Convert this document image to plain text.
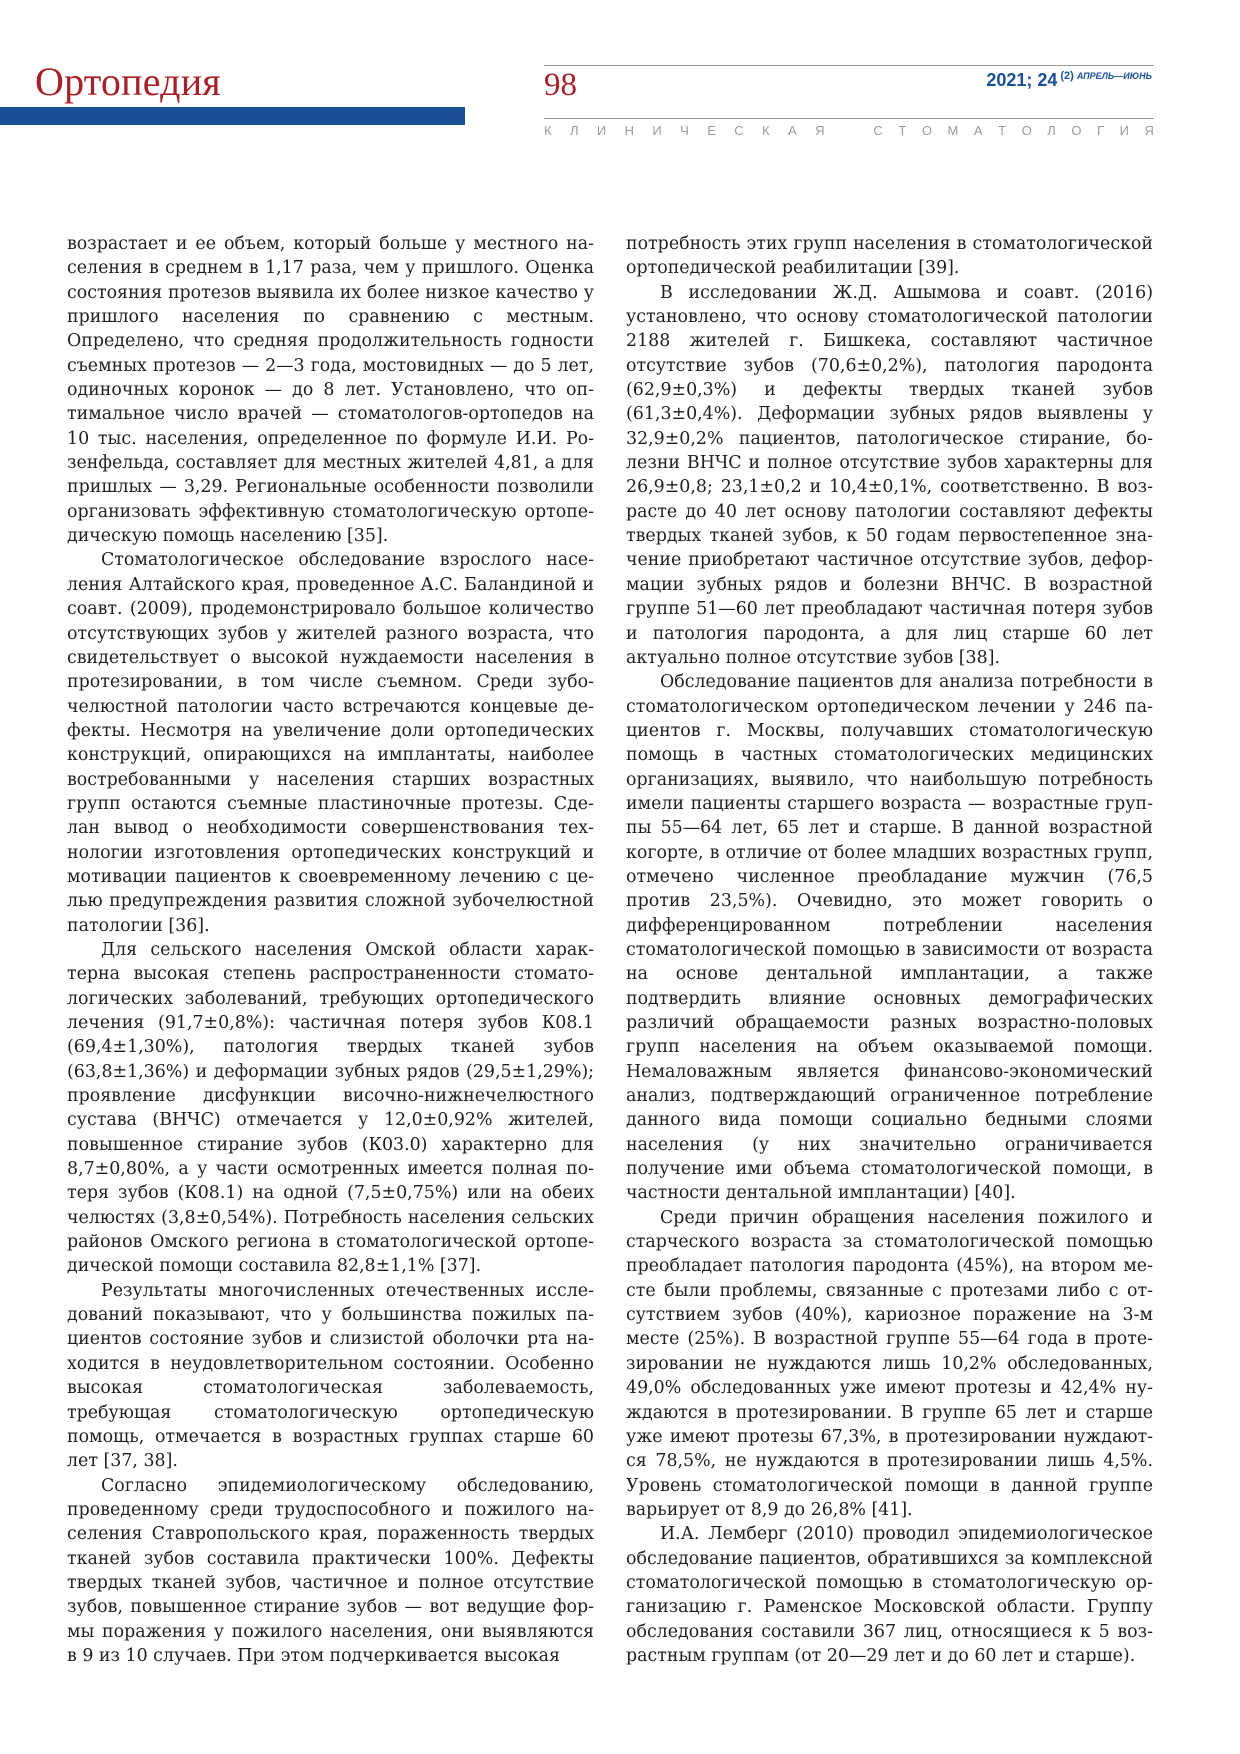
Ортопедия	98	2021; 24 $^{(2)}$ $^{АПРЕЛЬ—ИЮНЬ}$
К Л И Н И Ч Е С К А Я	С Т О М А Т О Л О Г И Я

возрастает и ее объем, который больше у местного населения в среднем в 1,17 раза, чем у пришлого. Оценка состояния протезов выявила их более низкое качество у пришлого населения по сравнению с местным. Определено, что средняя продолжительность годности съемных протезов — 2—3 года, мостовидных — до 5 лет, одиночных коронок — до 8 лет. Установлено, что оптимальное число врачей — стоматологов-ортопедов на 10 тыс. населения, определенное по формуле И.И. Розенфельда, составляет для местных жителей 4,81, а для пришлых — 3,29. Региональные особенности позволили организовать эффективную стоматологическую ортопедическую помощь населению [35].

Стоматологическое обследование взрослого населения Алтайского края, проведенное А.С. Баландиной и соавт. (2009), продемонстрировало большое количество отсутствующих зубов у жителей разного возраста, что свидетельствует о высокой нуждаемости населения в протезировании, в том числе съемном. Среди зубочелюстной патологии часто встречаются концевые дефекты. Несмотря на увеличение доли ортопедических конструкций, опирающихся на имплантаты, наиболее востребованными у населения старших возрастных групп остаются съемные пластиночные протезы. Сделан вывод о необходимости совершенствования технологии изготовления ортопедических конструкций и мотивации пациентов к своевременному лечению с целью предупреждения развития сложной зубочелюстной патологии [36].

Для сельского населения Омской области характерна высокая степень распространенности стоматологических заболеваний, требующих ортопедического лечения (91,7±0,8%): частичная потеря зубов К08.1 (69,4±1,30%), патология твердых тканей зубов (63,8±1,36%) и деформации зубных рядов (29,5±1,29%); проявление дисфункции височно-нижнечелюстного сустава (ВНЧС) отмечается у 12,0±0,92% жителей, повышенное стирание зубов (К03.0) характерно для 8,7±0,80%, а у части осмотренных имеется полная потеря зубов (К08.1) на одной (7,5±0,75%) или на обеих челюстях (3,8±0,54%). Потребность населения сельских районов Омского региона в стоматологической ортопедической помощи составила 82,8±1,1% [37].

Результаты многочисленных отечественных исследований показывают, что у большинства пожилых пациентов состояние зубов и слизистой оболочки рта находится в неудовлетворительном состоянии. Особенно высокая стоматологическая заболеваемость, требующая стоматологическую ортопедическую помощь, отмечается в возрастных группах старше 60 лет [37, 38].

Согласно эпидемиологическому обследованию, проведенному среди трудоспособного и пожилого населения Ставропольского края, пораженность твердых тканей зубов составила практически 100%. Дефекты твердых тканей зубов, частичное и полное отсутствие зубов, повышенное стирание зубов — вот ведущие формы поражения у пожилого населения, они выявляются в 9 из 10 случаев. При этом подчеркивается высокая

потребность этих групп населения в стоматологической ортопедической реабилитации [39].

В исследовании Ж.Д. Ашымова и соавт. (2016) установлено, что основу стоматологической патологии 2188 жителей г. Бишкека, составляют частичное отсутствие зубов (70,6±0,2%), патология пародонта (62,9±0,3%) и дефекты твердых тканей зубов (61,3±0,4%). Деформации зубных рядов выявлены у 32,9±0,2% пациентов, патологическое стирание, болезни ВНЧС и полное отсутствие зубов характерны для 26,9±0,8; 23,1±0,2 и 10,4±0,1%, соответственно. В возрасте до 40 лет основу патологии составляют дефекты твердых тканей зубов, к 50 годам первостепенное значение приобретают частичное отсутствие зубов, деформации зубных рядов и болезни ВНЧС. В возрастной группе 51—60 лет преобладают частичная потеря зубов и патология пародонта, а для лиц старше 60 лет актуально полное отсутствие зубов [38].

Обследование пациентов для анализа потребности в стоматологическом ортопедическом лечении у 246 пациентов г. Москвы, получавших стоматологическую помощь в частных стоматологических медицинских организациях, выявило, что наибольшую потребность имели пациенты старшего возраста — возрастные группы 55—64 лет, 65 лет и старше. В данной возрастной когорте, в отличие от более младших возрастных групп, отмечено численное преобладание мужчин (76,5 против 23,5%). Очевидно, это может говорить о дифференцированном потреблении населения стоматологической помощью в зависимости от возраста на основе дентальной имплантации, а также подтвердить влияние основных демографических различий обращаемости разных возрастно-половых групп населения на объем оказываемой помощи. Немаловажным является финансово-экономический анализ, подтверждающий ограниченное потребление данного вида помощи социально бедными слоями населения (у них значительно ограничивается получение ими объема стоматологической помощи, в частности дентальной имплантации) [40].

Среди причин обращения населения пожилого и старческого возраста за стоматологической помощью преобладает патология пародонта (45%), на втором месте были проблемы, связанные с протезами либо с отсутствием зубов (40%), кариозное поражение на 3-м месте (25%). В возрастной группе 55—64 года в протезировании не нуждаются лишь 10,2% обследованных, 49,0% обследованных уже имеют протезы и 42,4% нуждаются в протезировании. В группе 65 лет и старше уже имеют протезы 67,3%, в протезировании нуждаются 78,5%, не нуждаются в протезировании лишь 4,5%. Уровень стоматологической помощи в данной группе варьирует от 8,9 до 26,8% [41].

И.А. Лемберг (2010) проводил эпидемиологическое обследование пациентов, обратившихся за комплексной стоматологической помощью в стоматологическую организацию г. Раменское Московской области. Группу обследования составили 367 лиц, относящиеся к 5 возрастным группам (от 20—29 лет и до 60 лет и старше).
